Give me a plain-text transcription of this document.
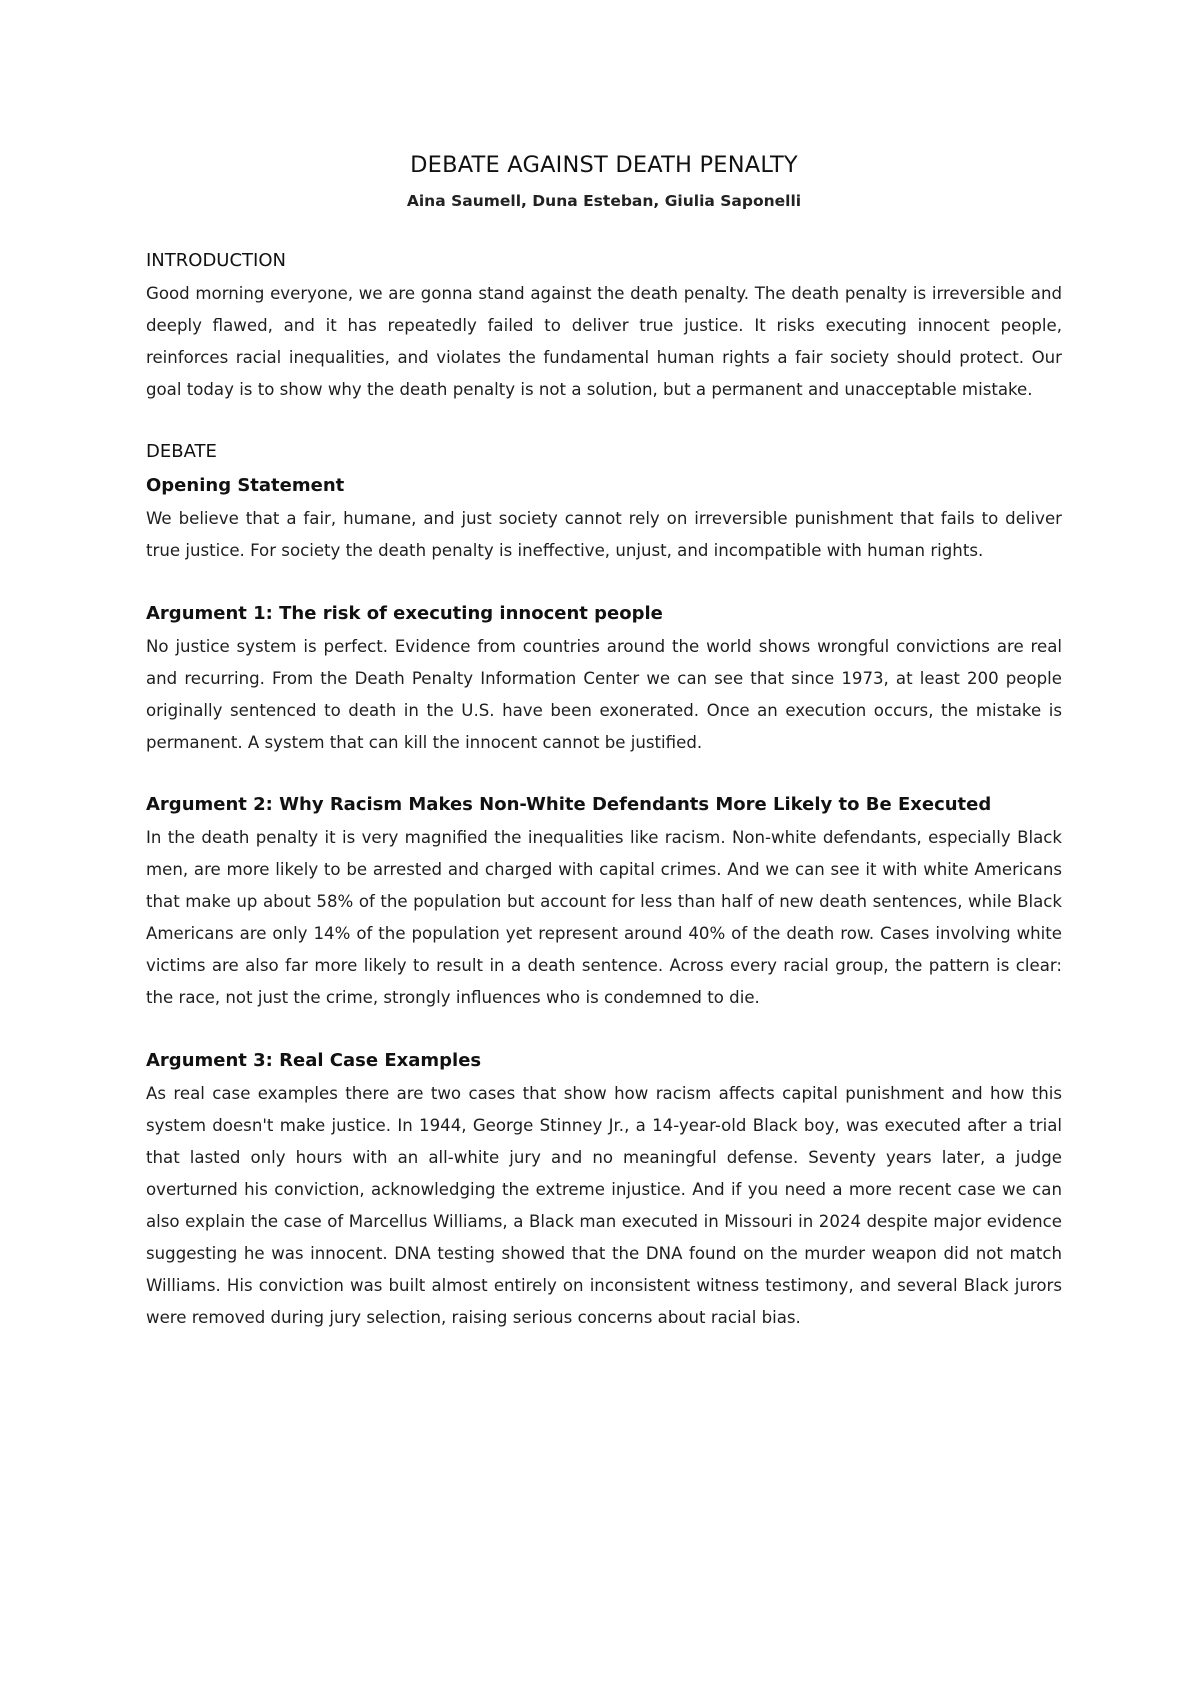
DEBATE AGAINST DEATH PENALTY

Aina Saumell, Duna Esteban, Giulia Saponelli

INTRODUCTION

Good morning everyone, we are gonna stand against the death penalty. The death penalty is irreversible and deeply flawed, and it has repeatedly failed to deliver true justice. It risks executing innocent people, reinforces racial inequalities, and violates the fundamental human rights a fair society should protect. Our goal today is to show why the death penalty is not a solution, but a permanent and unacceptable mistake.

DEBATE
Opening Statement

We believe that a fair, humane, and just society cannot rely on irreversible punishment that fails to deliver true justice. For society the death penalty is ineffective, unjust, and incompatible with human rights.

Argument 1: The risk of executing innocent people

No justice system is perfect. Evidence from countries around the world shows wrongful convictions are real and recurring. From the Death Penalty Information Center we can see that since 1973, at least 200 people originally sentenced to death in the U.S. have been exonerated. Once an execution occurs, the mistake is permanent. A system that can kill the innocent cannot be justified.

Argument 2: Why Racism Makes Non-White Defendants More Likely to Be Executed

In the death penalty it is very magnified the inequalities like racism. Non-white defendants, especially Black men, are more likely to be arrested and charged with capital crimes. And we can see it with white Americans that make up about 58% of the population but account for less than half of new death sentences, while Black Americans are only 14% of the population yet represent around 40% of the death row. Cases involving white victims are also far more likely to result in a death sentence. Across every racial group, the pattern is clear: the race, not just the crime, strongly influences who is condemned to die.

Argument 3: Real Case Examples

As real case examples there are two cases that show how racism affects capital punishment and how this system doesn't make justice. In 1944, George Stinney Jr., a 14-year-old Black boy, was executed after a trial that lasted only hours with an all-white jury and no meaningful defense. Seventy years later, a judge overturned his conviction, acknowledging the extreme injustice. And if you need a more recent case we can also explain the case of Marcellus Williams, a Black man executed in Missouri in 2024 despite major evidence suggesting he was innocent. DNA testing showed that the DNA found on the murder weapon did not match Williams. His conviction was built almost entirely on inconsistent witness testimony, and several Black jurors were removed during jury selection, raising serious concerns about racial bias.
